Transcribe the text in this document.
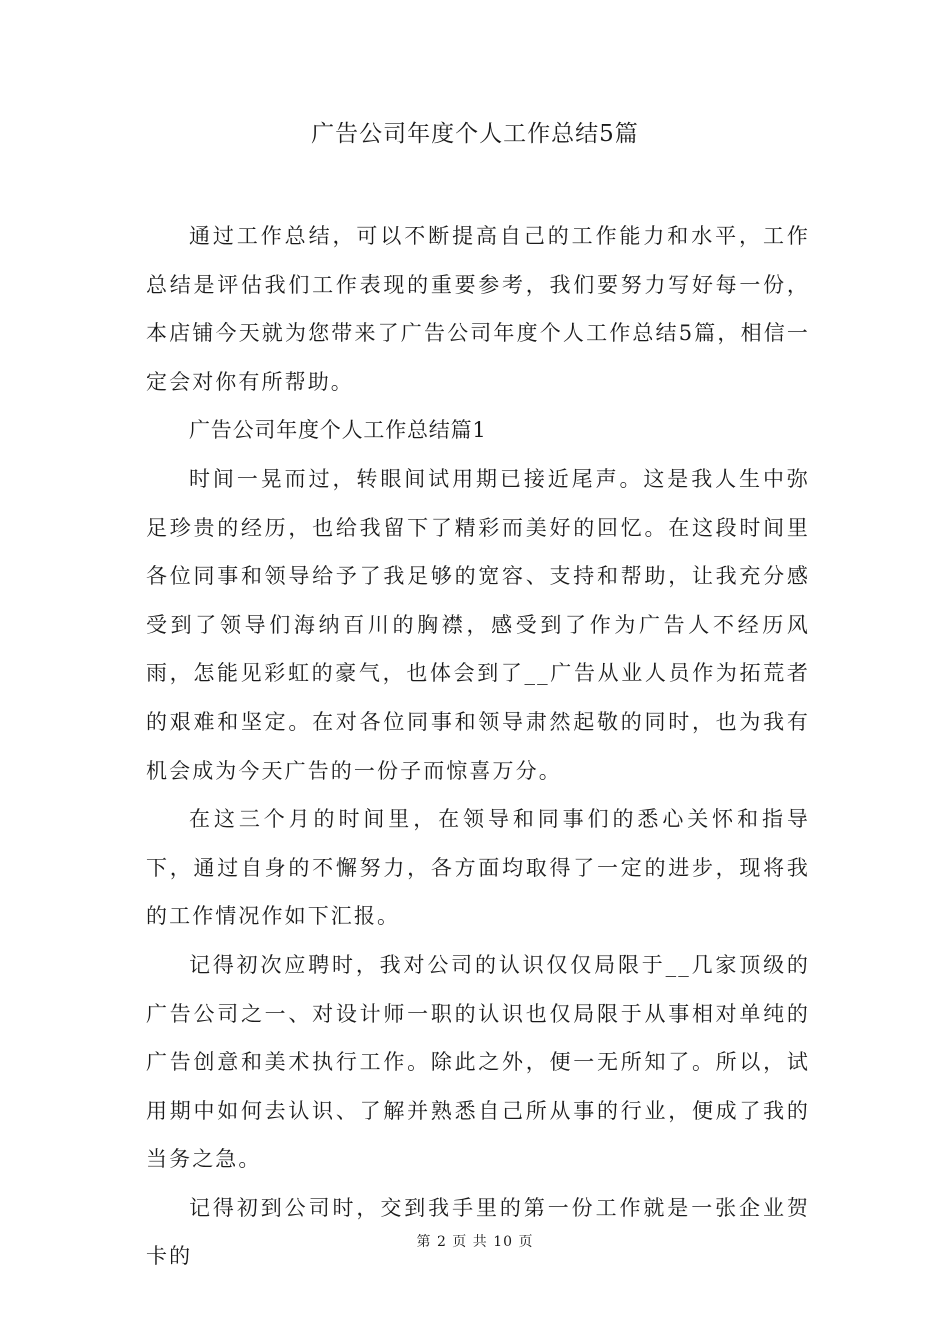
广告公司年度个人工作总结5篇

通过工作总结，可以不断提高自己的工作能力和水平，工作总结是评估我们工作表现的重要参考，我们要努力写好每一份，本店铺今天就为您带来了广告公司年度个人工作总结5篇，相信一定会对你有所帮助。

广告公司年度个人工作总结篇1

时间一晃而过，转眼间试用期已接近尾声。这是我人生中弥足珍贵的经历，也给我留下了精彩而美好的回忆。在这段时间里各位同事和领导给予了我足够的宽容、支持和帮助，让我充分感受到了领导们海纳百川的胸襟，感受到了作为广告人不经历风雨，怎能见彩虹的豪气，也体会到了__广告从业人员作为拓荒者的艰难和坚定。在对各位同事和领导肃然起敬的同时，也为我有机会成为今天广告的一份子而惊喜万分。

在这三个月的时间里，在领导和同事们的悉心关怀和指导下，通过自身的不懈努力，各方面均取得了一定的进步，现将我的工作情况作如下汇报。

记得初次应聘时，我对公司的认识仅仅局限于__几家顶级的广告公司之一、对设计师一职的认识也仅局限于从事相对单纯的广告创意和美术执行工作。除此之外，便一无所知了。所以，试用期中如何去认识、了解并熟悉自己所从事的行业，便成了我的当务之急。

记得初到公司时，交到我手里的第一份工作就是一张企业贺卡的

第 2 页 共 10 页
